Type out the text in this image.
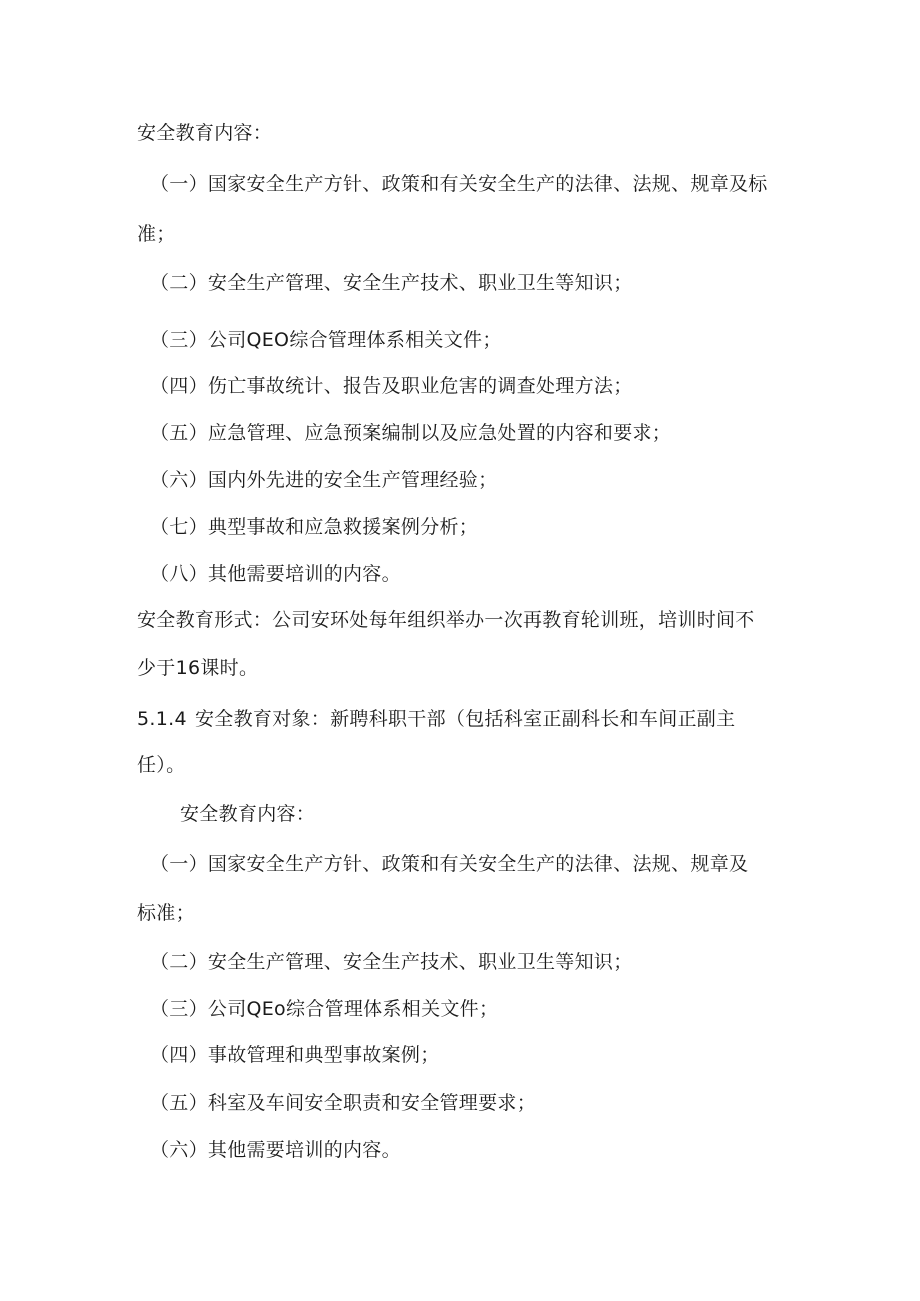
安全教育内容：
（一）国家安全生产方针、政策和有关安全生产的法律、法规、规章及标
准；
（二）安全生产管理、安全生产技术、职业卫生等知识；
（三）公司QEO综合管理体系相关文件；
（四）伤亡事故统计、报告及职业危害的调查处理方法；
（五）应急管理、应急预案编制以及应急处置的内容和要求；
（六）国内外先进的安全生产管理经验；
（七）典型事故和应急救援案例分析；
（八）其他需要培训的内容。
安全教育形式：公司安环处每年组织举办一次再教育轮训班，培训时间不
少于16课时。
5.1.4 安全教育对象：新聘科职干部（包括科室正副科长和车间正副主
任）。
安全教育内容：
（一）国家安全生产方针、政策和有关安全生产的法律、法规、规章及
标准；
（二）安全生产管理、安全生产技术、职业卫生等知识；
（三）公司QEo综合管理体系相关文件；
（四）事故管理和典型事故案例；
（五）科室及车间安全职责和安全管理要求；
（六）其他需要培训的内容。
